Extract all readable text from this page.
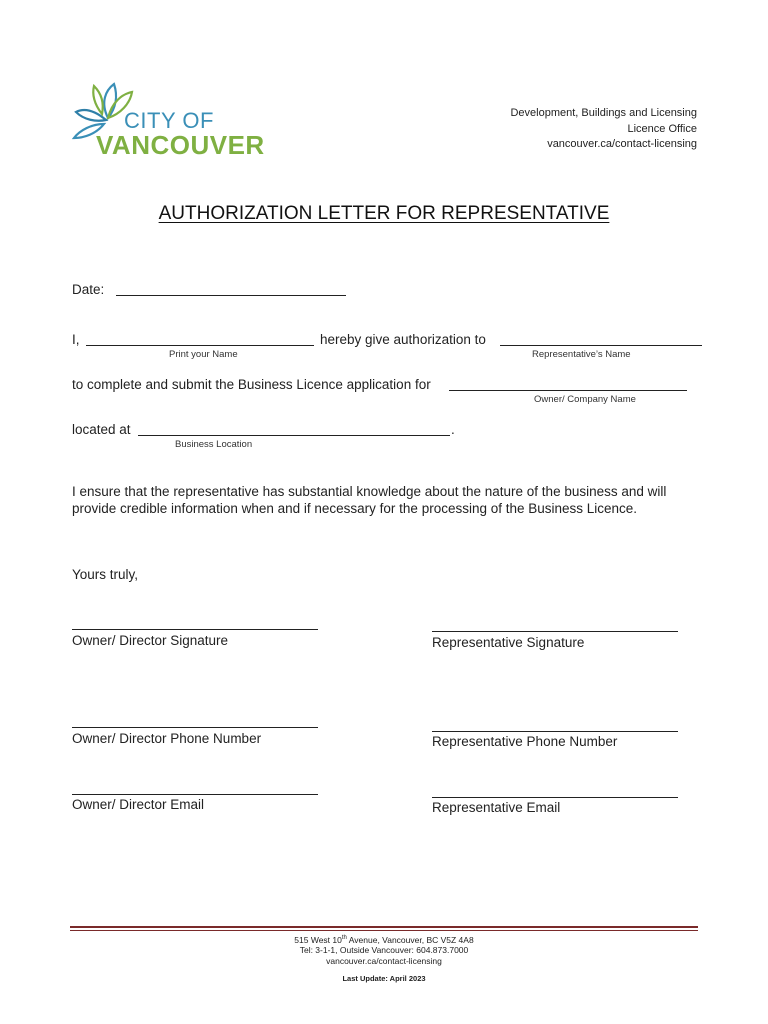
CITY OF
VANCOUVER
Development, Buildings and Licensing
Licence Office
vancouver.ca/contact-licensing
AUTHORIZATION LETTER FOR REPRESENTATIVE
Date:
I,	hereby give authorization to
Print your Name	Representative’s Name
to complete and submit the Business Licence application for
Owner/ Company Name
located at	.
Business Location
I ensure that the representative has substantial knowledge about the nature of the business and will provide credible information when and if necessary for the processing of the Business Licence.
Yours truly,
Owner/ Director Signature	Representative Signature
Owner/ Director Phone Number	Representative Phone Number
Owner/ Director Email	Representative Email
515 West 10th Avenue, Vancouver, BC V5Z 4A8
Tel: 3-1-1, Outside Vancouver: 604.873.7000
vancouver.ca/contact-licensing
Last Update: April 2023
